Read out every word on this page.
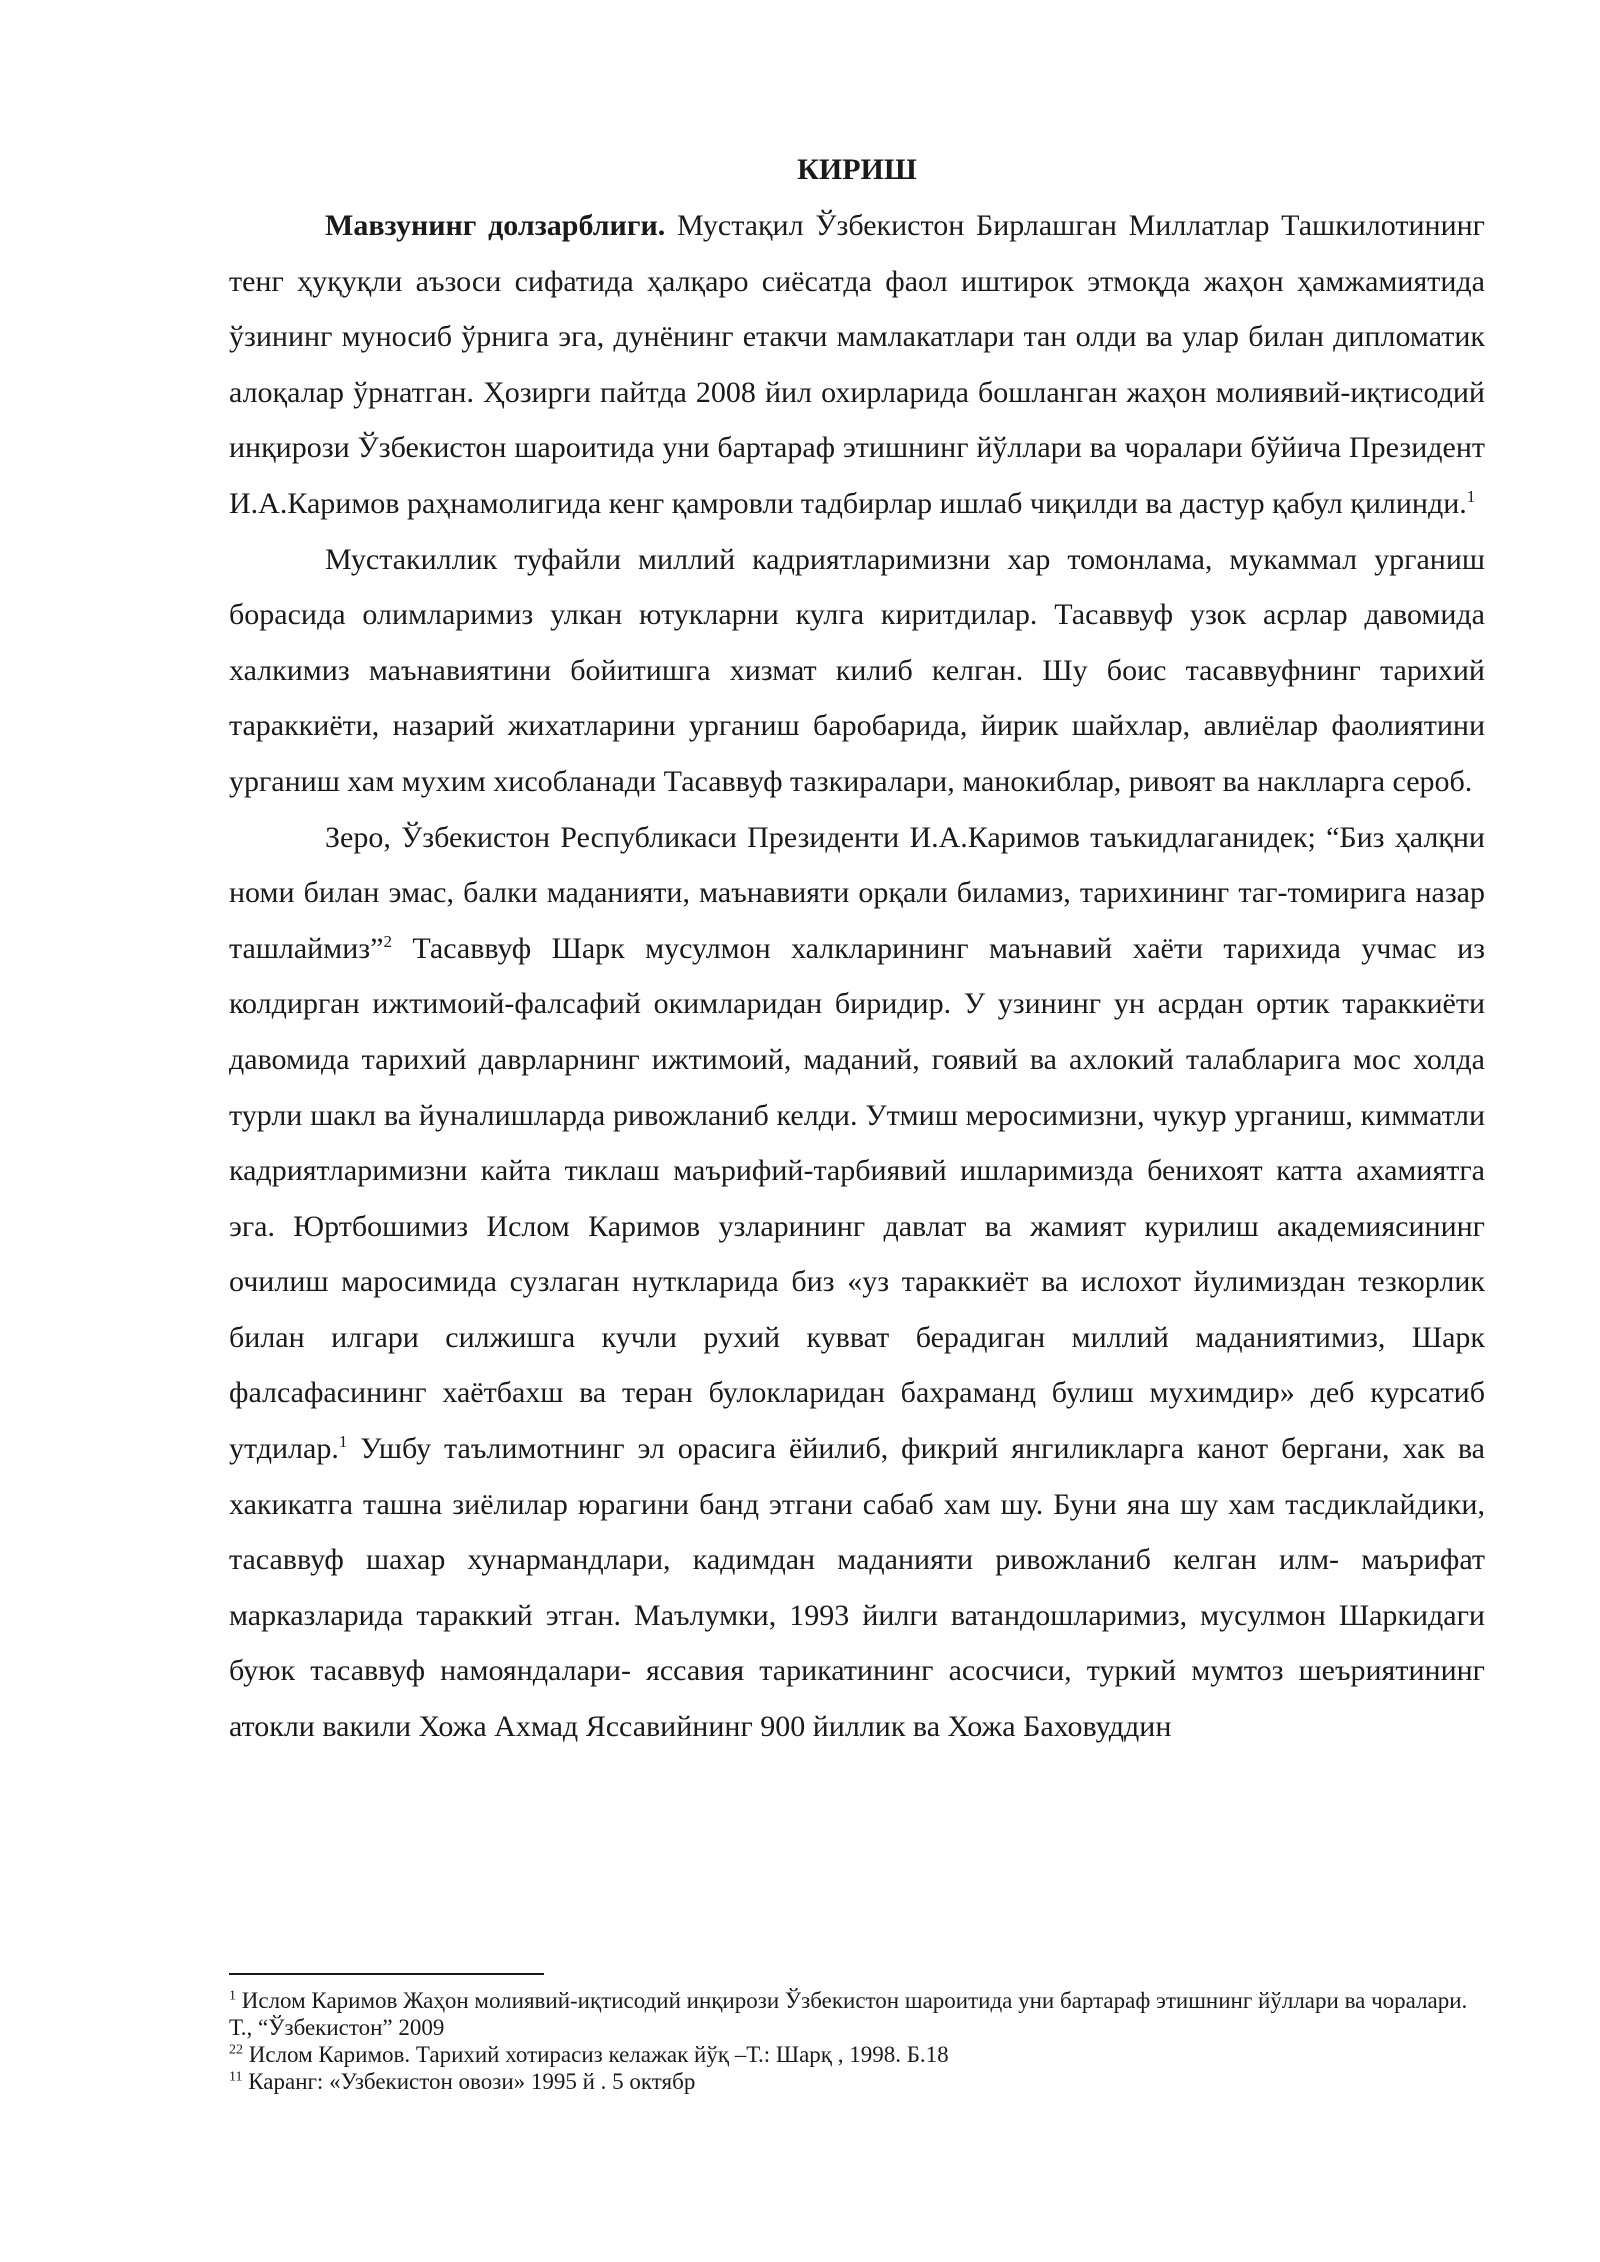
КИРИШ

Мавзунинг долзарблиги. Мустақил Ўзбекистон Бирлашган Миллатлар Ташкилотининг тенг ҳуқуқли аъзоси сифатида ҳалқаро сиёсатда фаол иштирок этмоқда жаҳон ҳамжамиятида ўзининг муносиб ўрнига эга, дунёнинг етакчи мамлакатлари тан олди ва улар билан дипломатик алоқалар ўрнатган. Ҳозирги пайтда 2008 йил охирларида бошланган жаҳон молиявий-иқтисодий инқирози Ўзбекистон шароитида уни бартараф этишнинг йўллари ва чоралари бўйича Президент И.А.Каримов раҳнамолигида кенг қамровли тадбирлар ишлаб чиқилди ва дастур қабул қилинди.$^1$

Мустакиллик туфайли миллий кадриятларимизни хар томонлама, мукаммал урганиш борасида олимларимиз улкан ютукларни кулга киритдилар. Тасаввуф узок асрлар давомида халкимиз маънавиятини бойитишга хизмат килиб келган. Шу боис тасаввуфнинг тарихий тараккиёти, назарий жихатларини урганиш баробарида, йирик шайхлар, авлиёлар фаолиятини урганиш хам мухим хисобланади Тасаввуф тазкиралари, манокиблар, ривоят ва наклларга сероб.

Зеро, Ўзбекистон Республикаси Президенти И.А.Каримов таъкидлаганидек; “Биз ҳалқни номи билан эмас, балки маданияти, маънавияти орқали биламиз, тарихининг таг-томирига назар ташлаймиз”$^2$ Тасаввуф Шарк мусулмон халкларининг маънавий хаёти тарихида учмас из колдирган ижтимоий-фалсафий окимларидан биридир. У узининг ун асрдан ортик тараккиёти давомида тарихий даврларнинг ижтимоий, маданий, гоявий ва ахлокий талабларига мос холда турли шакл ва йуналишларда ривожланиб келди. Утмиш меросимизни, чукур урганиш, кимматли кадриятларимизни кайта тиклаш маърифий-тарбиявий ишларимизда бенихоят катта ахамиятга эга. Юртбошимиз Ислом Каримов узларининг давлат ва жамият курилиш академиясининг очилиш маросимида сузлаган нуткларида биз «уз тараккиёт ва ислохот йулимиздан тезкорлик билан илгари силжишга кучли рухий кувват берадиган миллий маданиятимиз, Шарк фалсафасининг хаётбахш ва теран булокларидан бахраманд булиш мухимдир» деб курсатиб утдилар.$^1$ Ушбу таълимотнинг эл орасига ёйилиб, фикрий янгиликларга канот бергани, хак ва хакикатга ташна зиёлилар юрагини банд этгани сабаб хам шу. Буни яна шу хам тасдиклайдики, тасаввуф шахар хунармандлари, кадимдан маданияти ривожланиб келган илм- маърифат марказларида тараккий этган. Маълумки, 1993 йилги ватандошларимиз, мусулмон Шаркидаги буюк тасаввуф намояндалари- яссавия тарикатининг асосчиси, туркий мумтоз шеъриятининг атокли вакили Хожа Ахмад Яссавийнинг 900 йиллик ва Хожа Баховуддин

$^1$ Ислом Каримов Жаҳон молиявий-иқтисодий инқирози Ўзбекистон шароитида уни бартараф этишнинг йўллари ва чоралари. Т., “Ўзбекистон” 2009

$^{22}$ Ислом Каримов. Тарихий хотирасиз келажак йўқ –Т.: Шарқ , 1998. Б.18

$^{11}$ Каранг: «Узбекистон овози» 1995 й . 5 октябр
